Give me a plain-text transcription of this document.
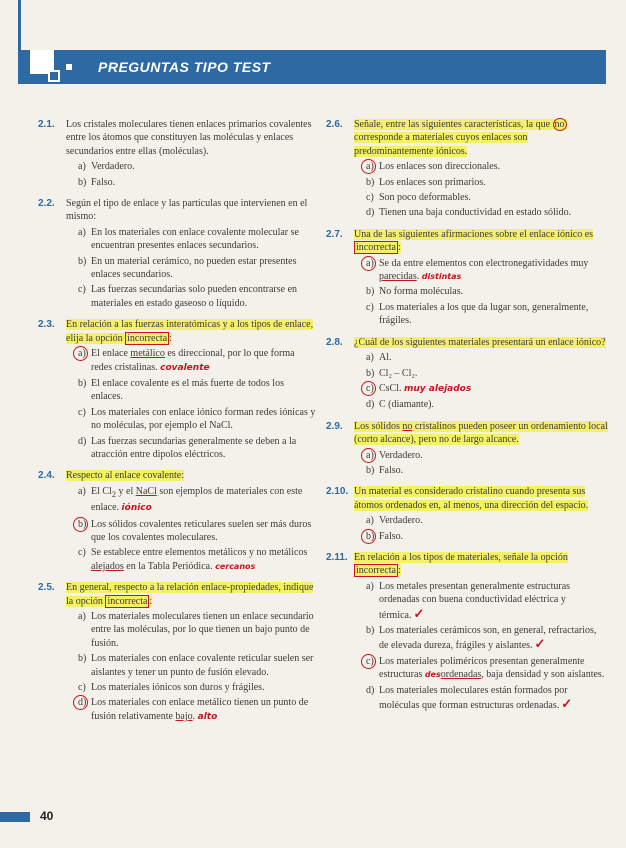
PREGUNTAS TIPO TEST
2.1. Los cristales moleculares tienen enlaces primarios covalentes entre los átomos que constituyen las moléculas y enlaces secundarios entre ellas (moléculas).
a) Verdadero.
b) Falso.
2.2. Según el tipo de enlace y las partículas que intervienen en el mismo:
a) En los materiales con enlace covalente molecular se encuentran presentes enlaces secundarios.
b) En un material cerámico, no pueden estar presentes enlaces secundarios.
c) Las fuerzas secundarias solo pueden encontrarse en materiales en estado gaseoso o líquido.
2.3. En relación a las fuerzas interatómicas y a los tipos de enlace, elija la opción incorrecta :
a) El enlace metálico es direccional, por lo que forma redes cristalinas. covalente
b) El enlace covalente es el más fuerte de todos los enlaces.
c) Los materiales con enlace iónico forman redes iónicas y no moléculas, por ejemplo el NaCl.
d) Las fuerzas secundarias generalmente se deben a la atracción entre dipolos eléctricos.
2.4. Respecto al enlace covalente:
a) El $Cl_2$ y el NaCl son ejemplos de materiales con este enlace. iónico
b) Los sólidos covalentes reticulares suelen ser más duros que los covalentes moleculares.
c) Se establece entre elementos metálicos y no metálicos alejados en la Tabla Periódica. cercanos
2.5. En general, respecto a la relación enlace-propiedades, indique la opción incorrecta :
a) Los materiales moleculares tienen un enlace secundario entre las moléculas, por lo que tienen un bajo punto de fusión.
b) Los materiales con enlace covalente reticular suelen ser aislantes y tener un punto de fusión elevado.
c) Los materiales iónicos son duros y frágiles.
d) Los materiales con enlace metálico tienen un punto de fusión relativamente bajo. alto
2.6. Señale, entre las siguientes características, la que no corresponde a materiales cuyos enlaces son predominantemente iónicos.
a) Los enlaces son direccionales.
b) Los enlaces son primarios.
c) Son poco deformables.
d) Tienen una baja conductividad en estado sólido.
2.7. Una de las siguientes afirmaciones sobre el enlace iónico es incorrecta :
a) Se da entre elementos con electronegatividades muy parecidas. distintas
b) No forma moléculas.
c) Los materiales a los que da lugar son, generalmente, frágiles.
2.8. ¿Cuál de los siguientes materiales presentará un enlace iónico?
a) Al.
b) Cl₂ – Cl₂.
c) CsCl. muy alejados
d) C (diamante).
2.9. Los sólidos no cristalinos pueden poseer un ordenamiento local (corto alcance), pero no de largo alcance.
a) Verdadero.
b) Falso.
2.10. Un material es considerado cristalino cuando presenta sus átomos ordenados en, al menos, una dirección del espacio.
a) Verdadero.
b) Falso.
2.11. En relación a los tipos de materiales, señale la opción incorrecta :
a) Los metales presentan generalmente estructuras ordenadas con buena conductividad eléctrica y térmica. ✓
b) Los materiales cerámicos son, en general, refractarios, de elevada dureza, frágiles y aislantes. ✓
c) Los materiales poliméricos presentan generalmente estructuras desordenadas, baja densidad y son aislantes.
d) Los materiales moleculares están formados por moléculas que forman estructuras ordenadas. ✓
40
